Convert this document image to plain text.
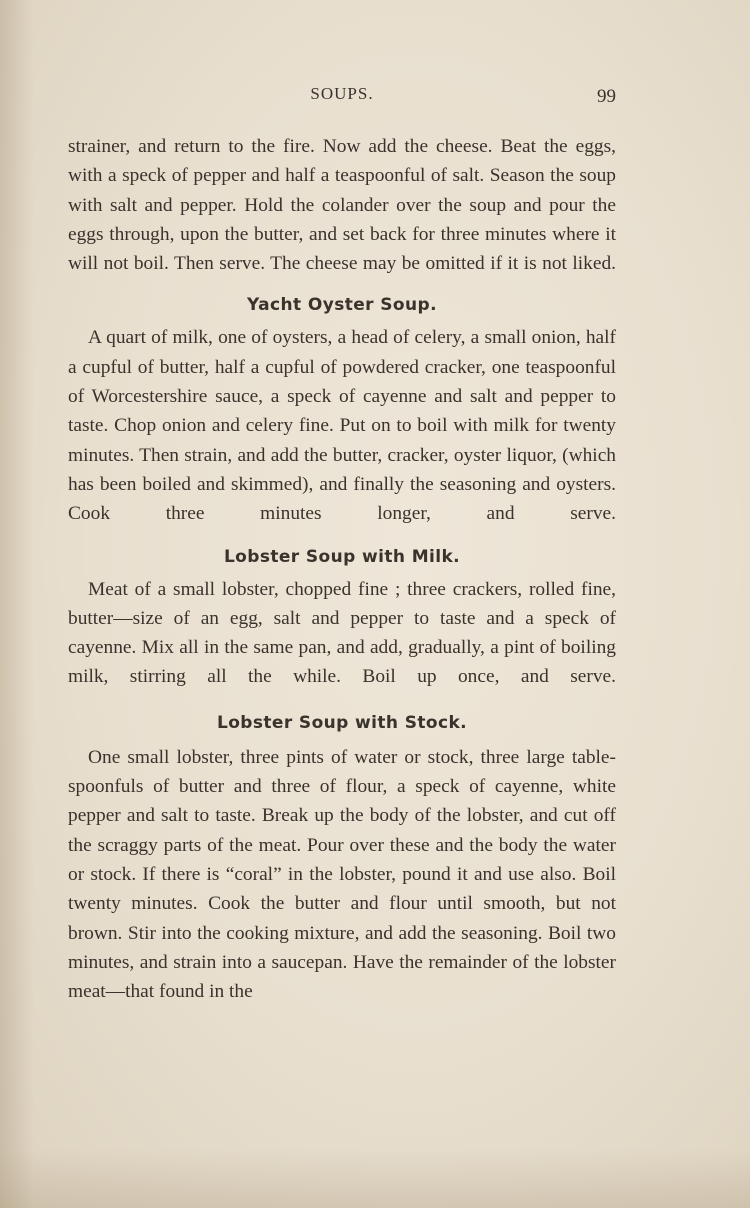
SOUPS.	99

strainer, and return to the fire. Now add the cheese. Beat the eggs, with a speck of pepper and half a teaspoonful of salt. Season the soup with salt and pepper. Hold the colander over the soup and pour the eggs through, upon the butter, and set back for three minutes where it will not boil. Then serve. The cheese may be omitted if it is not liked.

Yacht Oyster Soup.

A quart of milk, one of oysters, a head of celery, a small onion, half a cupful of butter, half a cupful of powdered cracker, one teaspoonful of Worcestershire sauce, a speck of cayenne and salt and pepper to taste. Chop onion and celery fine. Put on to boil with milk for twenty minutes. Then strain, and add the butter, cracker, oyster liquor, (which has been boiled and skimmed), and finally the seasoning and oysters. Cook three minutes longer, and serve.

Lobster Soup with Milk.

Meat of a small lobster, chopped fine ; three crackers, rolled fine, butter—size of an egg, salt and pepper to taste and a speck of cayenne. Mix all in the same pan, and add, gradually, a pint of boiling milk, stirring all the while. Boil up once, and serve.

Lobster Soup with Stock.

One small lobster, three pints of water or stock, three large table-spoonfuls of butter and three of flour, a speck of cayenne, white pepper and salt to taste. Break up the body of the lobster, and cut off the scraggy parts of the meat. Pour over these and the body the water or stock. If there is “coral” in the lobster, pound it and use also. Boil twenty minutes. Cook the butter and flour until smooth, but not brown. Stir into the cooking mixture, and add the seasoning. Boil two minutes, and strain into a saucepan. Have the remainder of the lobster meat—that found in the
